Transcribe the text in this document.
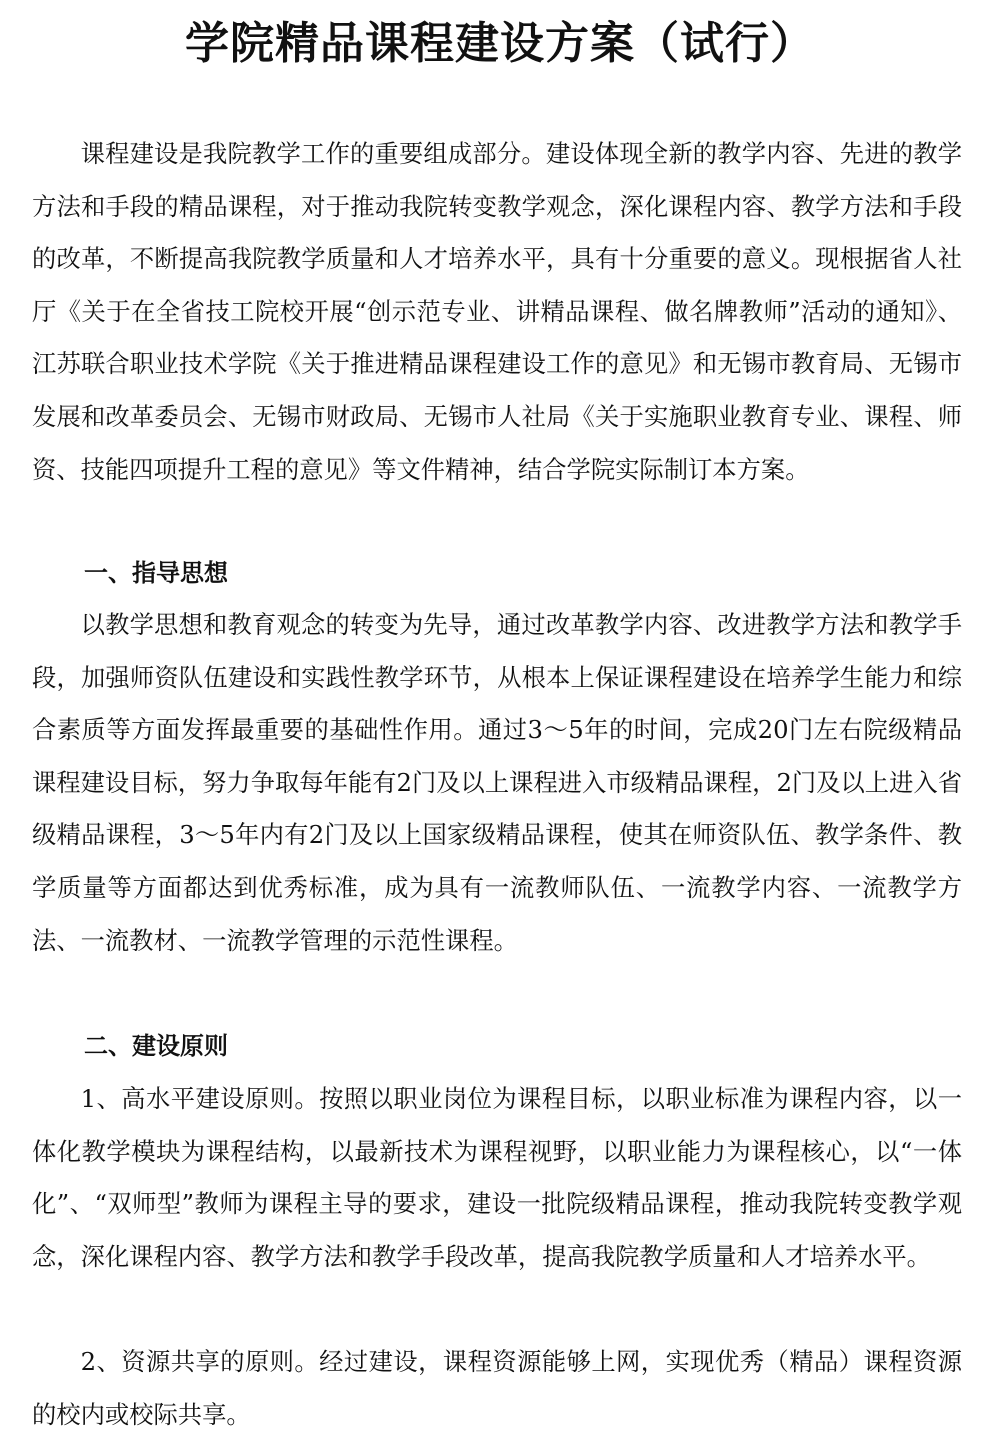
学院精品课程建设方案（试行）

课程建设是我院教学工作的重要组成部分。建设体现全新的教学内容、先进的教学方法和手段的精品课程，对于推动我院转变教学观念，深化课程内容、教学方法和手段的改革，不断提高我院教学质量和人才培养水平，具有十分重要的意义。现根据省人社厅《关于在全省技工院校开展“创示范专业、讲精品课程、做名牌教师”活动的通知》、江苏联合职业技术学院《关于推进精品课程建设工作的意见》和无锡市教育局、无锡市发展和改革委员会、无锡市财政局、无锡市人社局《关于实施职业教育专业、课程、师资、技能四项提升工程的意见》等文件精神，结合学院实际制订本方案。

一、指导思想

以教学思想和教育观念的转变为先导，通过改革教学内容、改进教学方法和教学手段，加强师资队伍建设和实践性教学环节，从根本上保证课程建设在培养学生能力和综合素质等方面发挥最重要的基础性作用。通过3～5年的时间，完成20门左右院级精品课程建设目标，努力争取每年能有2门及以上课程进入市级精品课程，2门及以上进入省级精品课程，3～5年内有2门及以上国家级精品课程，使其在师资队伍、教学条件、教学质量等方面都达到优秀标准，成为具有一流教师队伍、一流教学内容、一流教学方法、一流教材、一流教学管理的示范性课程。

二、建设原则

1、高水平建设原则。按照以职业岗位为课程目标，以职业标准为课程内容，以一体化教学模块为课程结构，以最新技术为课程视野，以职业能力为课程核心，以“一体化”、“双师型”教师为课程主导的要求，建设一批院级精品课程，推动我院转变教学观念，深化课程内容、教学方法和教学手段改革，提高我院教学质量和人才培养水平。

2、资源共享的原则。经过建设，课程资源能够上网，实现优秀（精品）课程资源的校内或校际共享。
